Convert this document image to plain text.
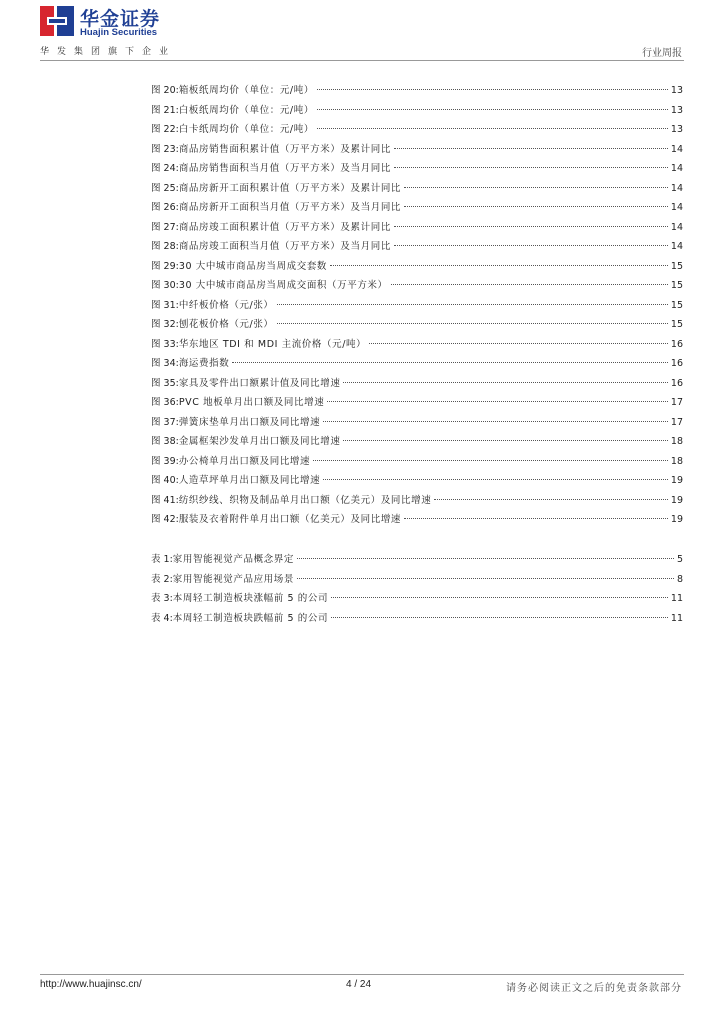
华金证券
Huajin Securities
华发集团旗下企业	行业周报
图 20: 箱板纸周均价（单位：元/吨）	13
图 21: 白板纸周均价（单位：元/吨）	13
图 22: 白卡纸周均价（单位：元/吨）	13
图 23: 商品房销售面积累计值（万平方米）及累计同比	14
图 24: 商品房销售面积当月值（万平方米）及当月同比	14
图 25: 商品房新开工面积累计值（万平方米）及累计同比	14
图 26: 商品房新开工面积当月值（万平方米）及当月同比	14
图 27: 商品房竣工面积累计值（万平方米）及累计同比	14
图 28: 商品房竣工面积当月值（万平方米）及当月同比	14
图 29: 30 大中城市商品房当周成交套数	15
图 30: 30 大中城市商品房当周成交面积（万平方米）	15
图 31: 中纤板价格（元/张）	15
图 32: 刨花板价格（元/张）	15
图 33: 华东地区 TDI 和 MDI 主流价格（元/吨）	16
图 34: 海运费指数	16
图 35: 家具及零件出口额累计值及同比增速	16
图 36: PVC 地板单月出口额及同比增速	17
图 37: 弹簧床垫单月出口额及同比增速	17
图 38: 金属框架沙发单月出口额及同比增速	18
图 39: 办公椅单月出口额及同比增速	18
图 40: 人造草坪单月出口额及同比增速	19
图 41: 纺织纱线、织物及制品单月出口额（亿美元）及同比增速	19
图 42: 服装及衣着附件单月出口额（亿美元）及同比增速	19
表 1: 家用智能视觉产品概念界定	5
表 2: 家用智能视觉产品应用场景	8
表 3: 本周轻工制造板块涨幅前 5 的公司	11
表 4: 本周轻工制造板块跌幅前 5 的公司	11
http://www.huajinsc.cn/	4 / 24	请务必阅读正文之后的免责条款部分
